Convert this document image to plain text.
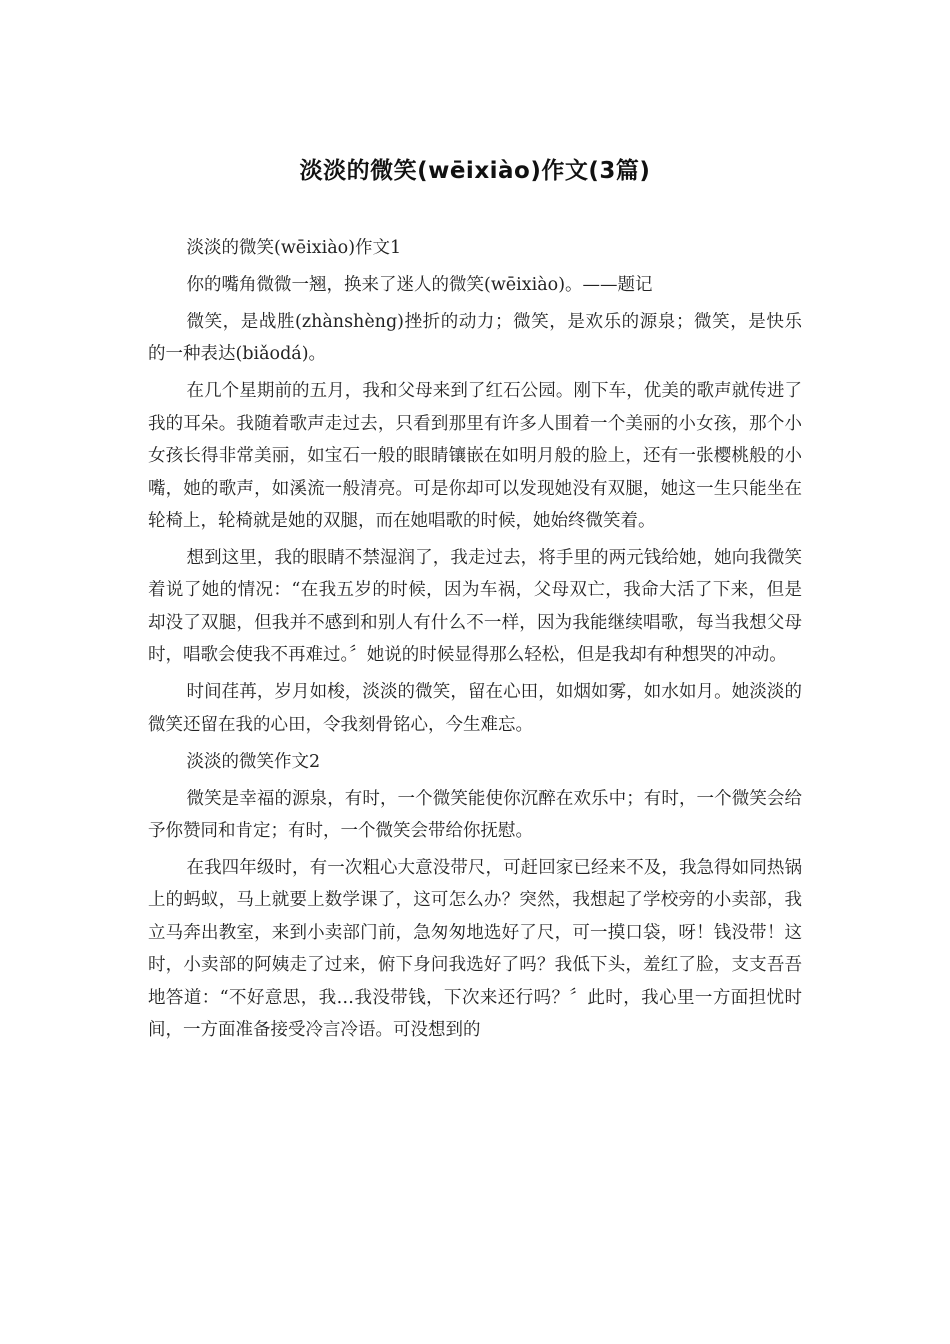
淡淡的微笑(wēixiào)作文(3篇)

淡淡的微笑(wēixiào)作文1

你的嘴角微微一翘，换来了迷人的微笑(wēixiào)。——题记

微笑，是战胜(zhànshèng)挫折的动力；微笑，是欢乐的源泉；微笑，是快乐的一种表达(biǎodá)。

在几个星期前的五月，我和父母来到了红石公园。刚下车，优美的歌声就传进了我的耳朵。我随着歌声走过去，只看到那里有许多人围着一个美丽的小女孩，那个小女孩长得非常美丽，如宝石一般的眼睛镶嵌在如明月般的脸上，还有一张樱桃般的小嘴，她的歌声，如溪流一般清亮。可是你却可以发现她没有双腿，她这一生只能坐在轮椅上，轮椅就是她的双腿，而在她唱歌的时候，她始终微笑着。

想到这里，我的眼睛不禁湿润了，我走过去，将手里的两元钱给她，她向我微笑着说了她的情况：“在我五岁的时候，因为车祸，父母双亡，我命大活了下来，但是却没了双腿，但我并不感到和别人有什么不一样，因为我能继续唱歌，每当我想父母时，唱歌会使我不再难过。〞她说的时候显得那么轻松，但是我却有种想哭的冲动。

时间荏苒，岁月如梭，淡淡的微笑，留在心田，如烟如雾，如水如月。她淡淡的微笑还留在我的心田，令我刻骨铭心，今生难忘。

淡淡的微笑作文2

微笑是幸福的源泉，有时，一个微笑能使你沉醉在欢乐中；有时，一个微笑会给予你赞同和肯定；有时，一个微笑会带给你抚慰。

在我四年级时，有一次粗心大意没带尺，可赶回家已经来不及，我急得如同热锅上的蚂蚁，马上就要上数学课了，这可怎么办？突然，我想起了学校旁的小卖部，我立马奔出教室，来到小卖部门前，急匆匆地选好了尺，可一摸口袋，呀！钱没带！这时，小卖部的阿姨走了过来，俯下身问我选好了吗？我低下头，羞红了脸，支支吾吾地答道：“不好意思，我…我没带钱，下次来还行吗？〞此时，我心里一方面担忧时间，一方面准备接受冷言冷语。可没想到的
